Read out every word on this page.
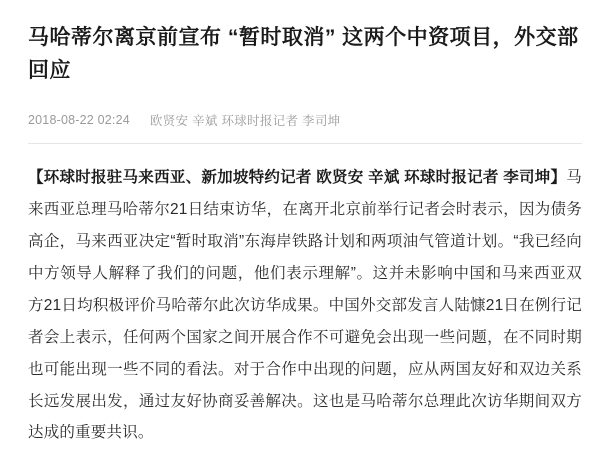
马哈蒂尔离京前宣布 “暂时取消” 这两个中资项目，外交部回应
2018-08-22 02:24 欧贤安 辛斌 环球时报记者 李司坤

【环球时报驻马来西亚、新加坡特约记者 欧贤安 辛斌 环球时报记者 李司坤】马来西亚总理马哈蒂尔21日结束访华，在离开北京前举行记者会时表示，因为债务高企，马来西亚决定“暂时取消”东海岸铁路计划和两项油气管道计划。“我已经向中方领导人解释了我们的问题，他们表示理解”。这并未影响中国和马来西亚双方21日均积极评价马哈蒂尔此次访华成果。中国外交部发言人陆慷21日在例行记者会上表示，任何两个国家之间开展合作不可避免会出现一些问题，在不同时期也可能出现一些不同的看法。对于合作中出现的问题，应从两国友好和双边关系长远发展出发，通过友好协商妥善解决。这也是马哈蒂尔总理此次访华期间双方达成的重要共识。
